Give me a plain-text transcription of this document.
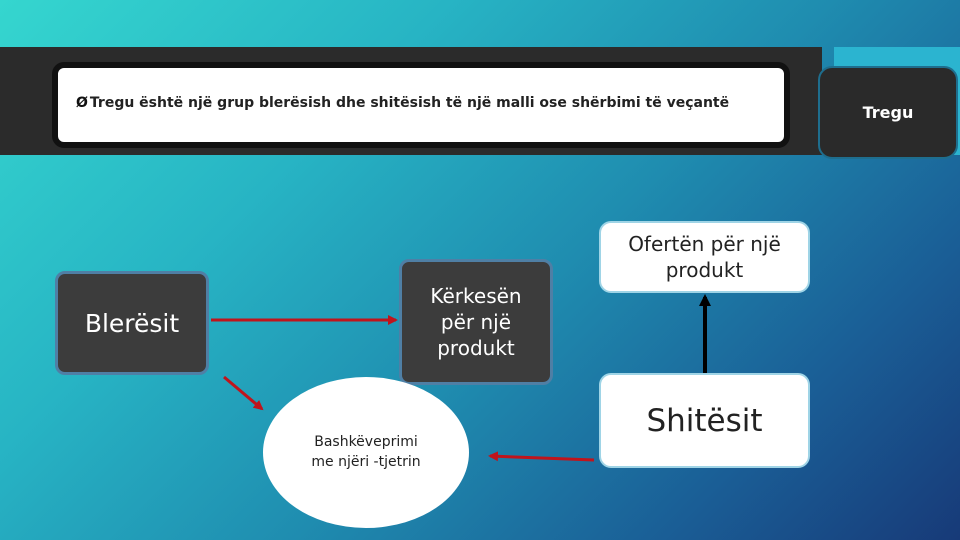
Ø Tregu është një grup blerësish dhe shitësish të një malli ose shërbimi të veçantë	Tregu
Blerësit
Kërkesën
për një
produkt
Ofertën për një
produkt
Shitësit
Bashkëveprimi
me njëri -tjetrin
